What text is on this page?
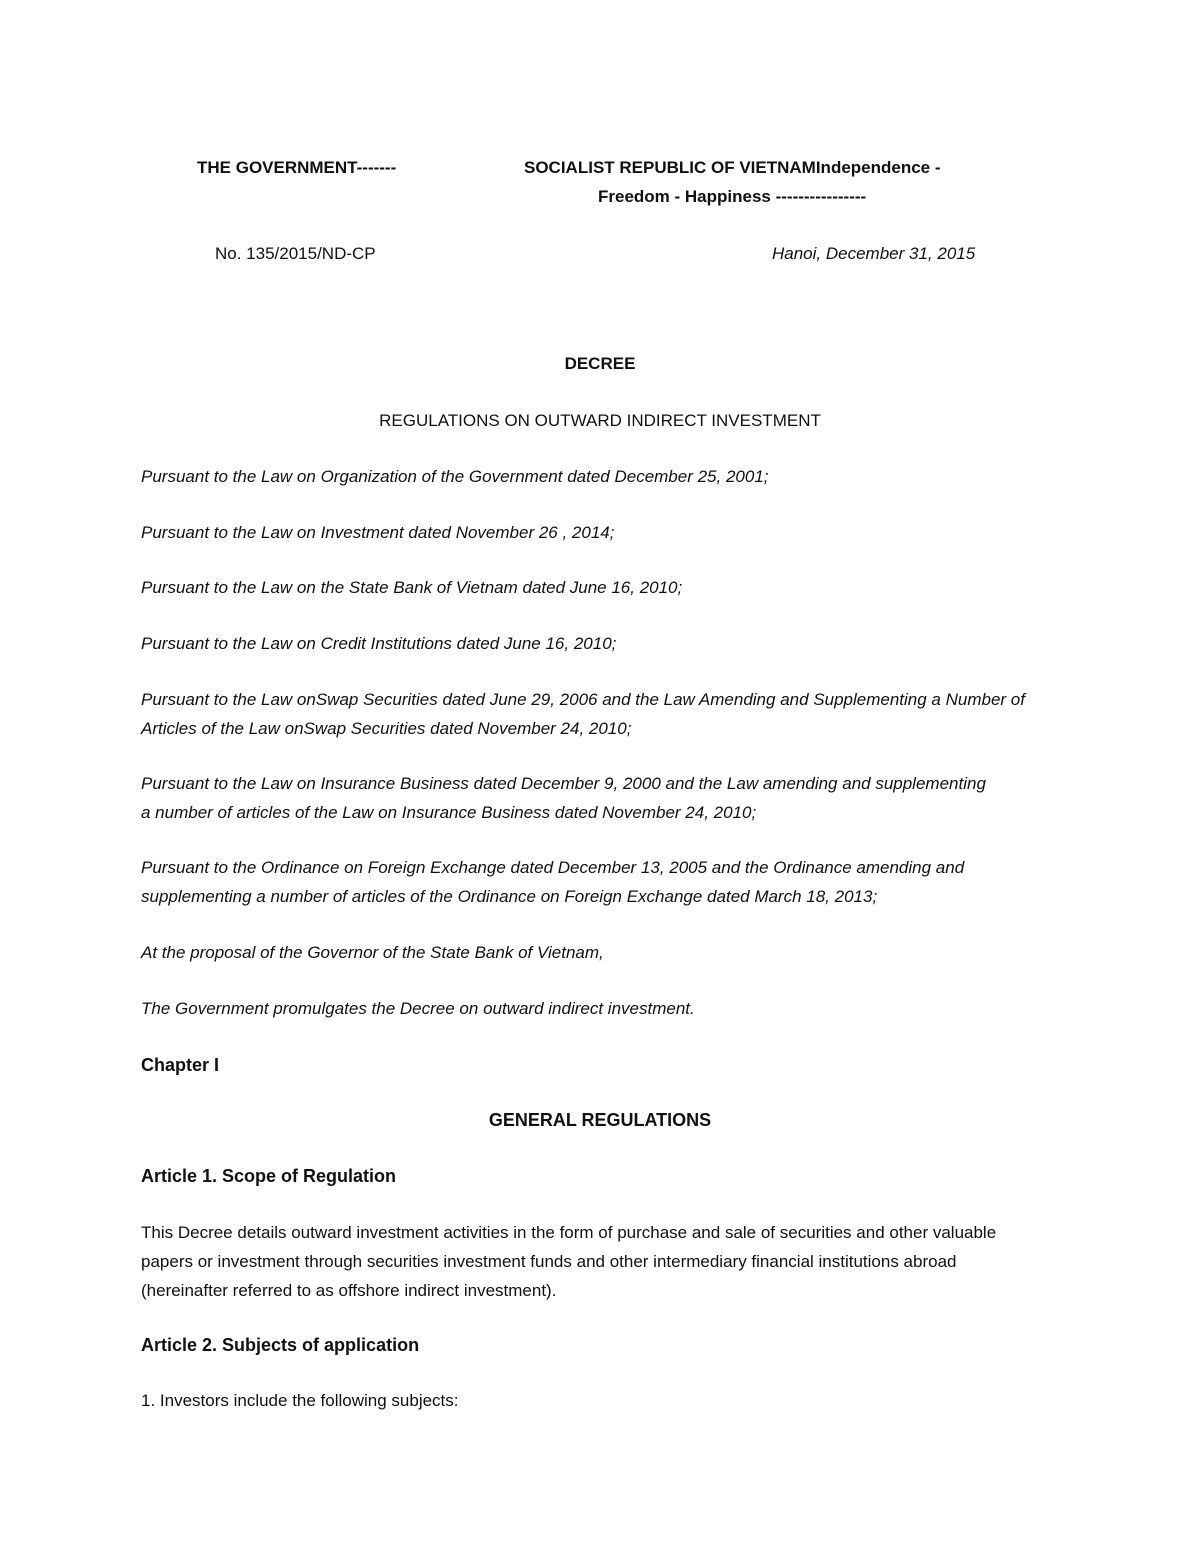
THE GOVERNMENT-------	SOCIALIST REPUBLIC OF VIETNAMIndependence -
Freedom - Happiness ----------------
No. 135/2015/ND-CP	Hanoi, December 31, 2015
DECREE
REGULATIONS ON OUTWARD INDIRECT INVESTMENT
Pursuant to the Law on Organization of the Government dated December 25, 2001;
Pursuant to the Law on Investment dated November 26 , 2014;
Pursuant to the Law on the State Bank of Vietnam dated June 16, 2010;
Pursuant to the Law on Credit Institutions dated June 16, 2010;
Pursuant to the Law onSwap Securities dated June 29, 2006 and the Law Amending and Supplementing a Number of Articles of the Law onSwap Securities dated November 24, 2010;
Pursuant to the Law on Insurance Business dated December 9, 2000 and the Law amending and supplementing a number of articles of the Law on Insurance Business dated November 24, 2010;
Pursuant to the Ordinance on Foreign Exchange dated December 13, 2005 and the Ordinance amending and supplementing a number of articles of the Ordinance on Foreign Exchange dated March 18, 2013;
At the proposal of the Governor of the State Bank of Vietnam,
The Government promulgates the Decree on outward indirect investment.
Chapter I
GENERAL REGULATIONS
Article 1. Scope of Regulation
This Decree details outward investment activities in the form of purchase and sale of securities and other valuable papers or investment through securities investment funds and other intermediary financial institutions abroad (hereinafter referred to as offshore indirect investment).
Article 2. Subjects of application
1. Investors include the following subjects:
